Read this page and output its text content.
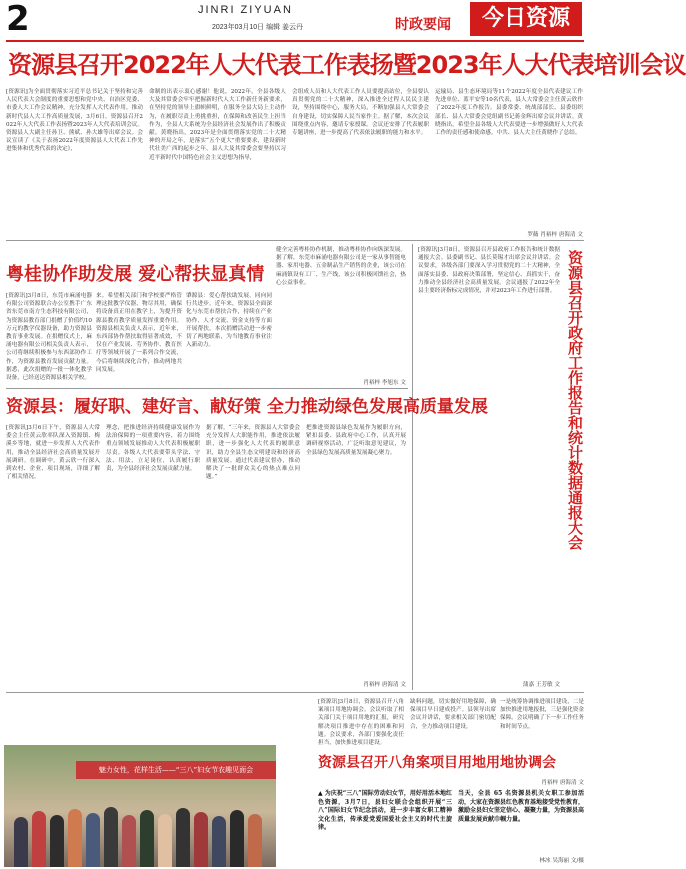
2	JINRI ZIYUAN
2023年03月10日 编辑 姜云丹	时政要闻	今日资源
资源县召开2022年人大代表工作表扬暨2023年人大代表培训会议
[资源讯]为全面贯彻落实习近平总书记关于坚持和完善人民代表大会制度的重要思想和党中央、自治区党委、市委人大工作会议精神，充分发挥人大代表作用，推动新时代县人大工作高质量发展，3月6日，资源县召开2022年人大代表工作表扬暨2023年人大代表培训会议。资源县人大副主任孙卫、熊斌、孙大雄等出席会议。会议宣读了《关于表扬2022年度资源县人大代表工作先进集体和优秀代表的决定》，
命制的出表示衷心感谢！他说，2022年，全县各级人大及其常委会牢牢把握新时代人大工作新任务新要求，在坚持党的领导上旗帜鲜明，在服务全县大局上主动作为，在履职尽责上勇挑重担，在保障和改善民生上担当作为，全县人大系统为全县经济社会发展作出了积极贡献。黄晓指出，2023年是全面贯彻落实党的二十大精神的开局之年，是落实“五个更大”重要要求，建设新时代壮美广西的起步之年，县人大及其常委会要坚持以习近平新时代中国特色社会主义思想为指导，
会组成人员和人大代表工作人员要提高站位，全县要认真贯彻党的二十大精神，深入推进全过程人民民主建设，坚持围绕中心，服务大局，不断加强县人大常委会自身建设，切实保障人民当家作主。据了解，本次会议围绕重点内容，邀请专家授课。会议还安排了代表履职专题讲座，进一步提高了代表依法履职的能力和水平。
运输局、县生态环境局等11个2022年度全县代表建议工作先进单位、蓝平安等10名代表，县人大常委会主任黄云欣作了2022年度工作报告。县委常委、统战部部长、县委组织部长、县人大常委会党组副书记蒋金辉出席会议并讲话。黄晓指出，希望全县各级人大代表要进一步增强做好人大代表工作的责任感和使命感。中共、县人大主任黄晓作了总结。
罗薇 肖裕梓 唐海清 文
粤桂协作助发展 爱心帮扶显真情
[资源讯]3月8日，东莞市麻涌电器有限公司资源联合办公室携手广东省东莞市南方生态科技有限公司，为资源县教育部门捐赠了价值约10万元的教学仪器设备，助力资源县教育事业发展。在捐赠仪式上，麻涌电器有限公司相关负责人表示，公司将继续积极参与东西部协作工作，为资源县教育发展贡献力量。据悉，此次捐赠的一批一体化教学设备，已经送达资源县相关学校。
来。希望相关部门和学校要严格管理这批教学仪器，物尽其用，确保将设备真正用在教学上，为提升资源县教育教学质量发挥重要作用。资源县相关负责人表示，近年来，东西部协作帮扶取得显著成效，不仅在产业发展、劳务协作、教育医疗等领域开展了一系列合作交流，今后将继续深化合作，推动两地共同发展。
肇源县：爱心帮扶助发展，同向同行共进步。近年来，资源县全面深化与东莞市帮扶合作，持续在产业协作、人才交流、资金支持等方面开展帮扶。本次捐赠活动进一步密切了两地联系，为当地教育事业注入新动力。
健全完善粤桂协作机制，推动粤桂协作向纵深发展。据了解，东莞市麻涌电器有限公司是一家从事智能电器、家用电器、五金制品生产销售的企业，该公司在麻涌镇设有工厂、生产线，该公司积极回馈社会，热心公益事业。
肖裕梓 李旭东 文	资源县召开政府工作报告和统计数据通报大会
[资源讯]3月8日，资源县召开县政府工作报告和统计数据通报大会。县委副书记、县长莫锡才出席会议并讲话。会议要求，各级各部门要深入学习贯彻党的二十大精神，全面落实县委、县政府决策部署，坚定信心、真抓实干，奋力推动全县经济社会高质量发展。会议通报了2022年全县主要经济指标完成情况，并对2023年工作进行部署。
蒲嘉 王芳敏 文
资源县：履好职、建好言、献好策 全力推动绿色发展高质量发展
[资源讯]3月6日下午，资源县人大常委会主任黄云欣率队深入资源镇、梅溪乡等地，就进一步发挥人大代表作用，推动全县经济社会高质量发展开展调研。在调研中，黄云欣一行深入到农村、企业、项目现场，详细了解了相关情况。
理念，把推进经济持续健康发展作为法治保障的一项重要内容，着力围绕重点领域发展推动人大代表积极履职尽责。各级人大代表要带头学法、守法、用法，立足岗位，认真履行职责，为全县经济社会发展贡献力量。
据了解，“三年来，资源县人大常委会充分发挥人大职能作用，推进依法履职，进一步强化人大代表的履职意识，助力全县生态文明建设和经济高质量发展。通过代表建议督办，推动解决了一批群众关心的热点难点问题。”
把推进资源县绿色发展作为履职方向，紧扣县委、县政府中心工作，认真开展调研视察活动，广泛听取意见建议，为全县绿色发展高质量发展凝心聚力。
肖裕梓 唐海清 文
[资源讯]3月8日，资源县召开八角案项目用地协调会。会议听取了相关部门关于项目用地的汇报，研究解决项目推进中存在的困难和问题。会议要求，各部门要强化责任担当，加快推进项目建设。
缺料问题，切实做好用地保障，确保项目早日建成投产。县领导出席会议并讲话，要求相关部门密切配合，全力推动项目建设。
一是统筹协调推进项目建设，二是加快推进用地报批，三是强化资金保障。会议明确了下一步工作任务和时间节点。
资源县召开八角案项目用地用地协调会
肖裕梓 唐海清 文
魅力女性，花样生活——“三八”妇女节农趣见面会
▲ 为庆祝“三八”国际劳动妇女节，用好用活本地红色资源，3月7日，县妇女联合会组织开展“三八”国际妇女节纪念活动，进一步丰富女职工精神文化生活，传承爱党爱国爱社会主义的时代主旋律。
当天，全县 65 名资源县机关女职工参加活动，大家在资源县红色教育基地接受党性教育，激励全县妇女坚定信心、凝聚力量，为资源县高质量发展贡献巾帼力量。
林冰 吴海丽 文/摄
